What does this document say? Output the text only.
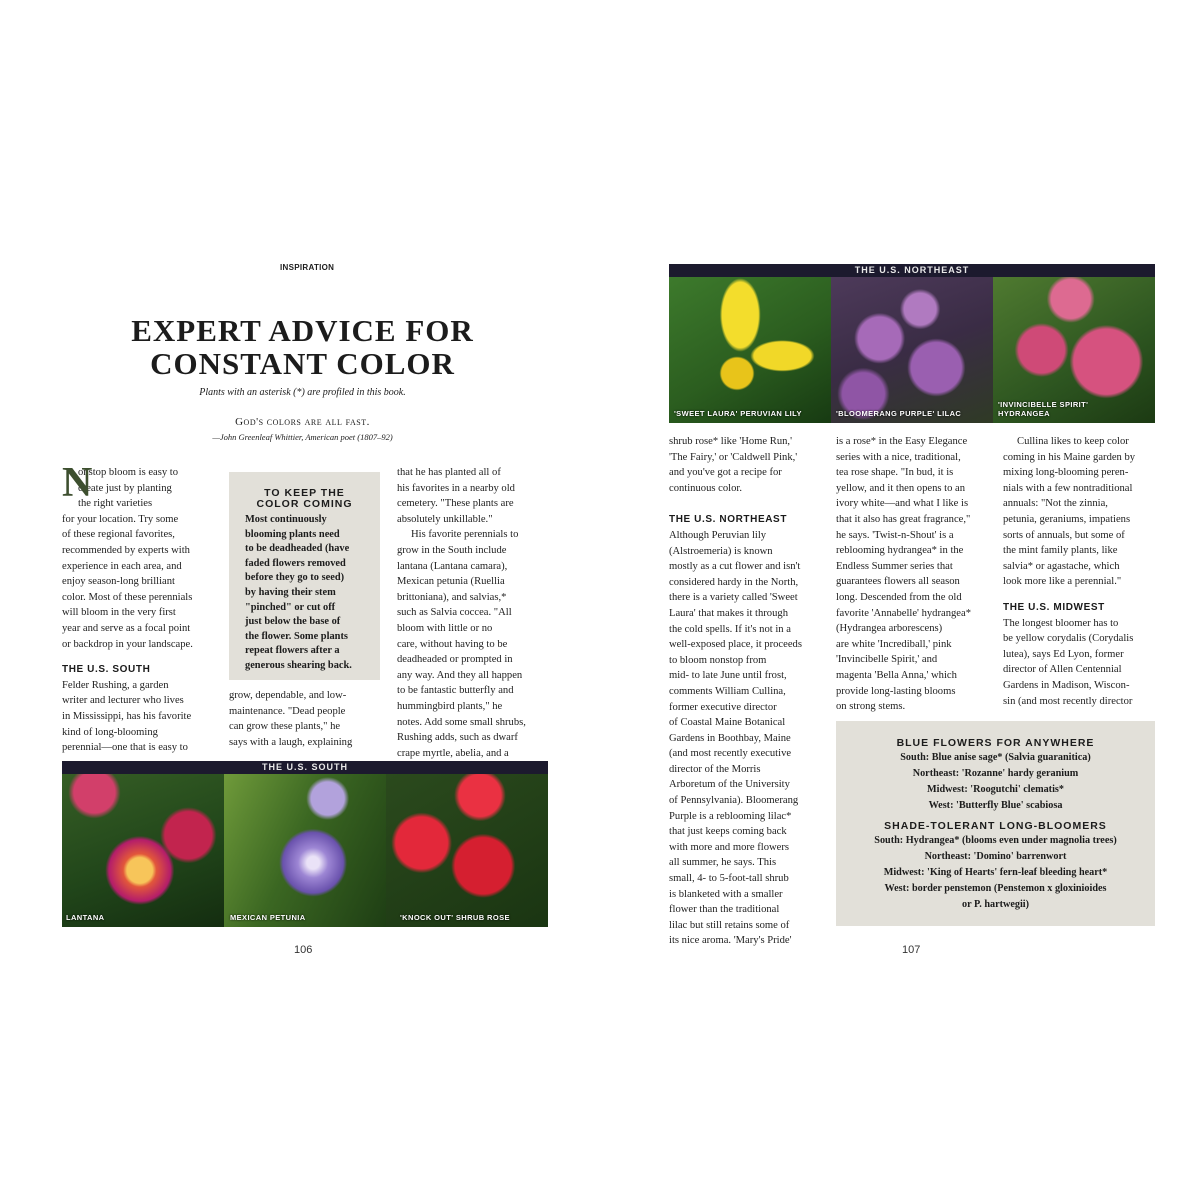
INSPIRATION
EXPERT ADVICE FOR
CONSTANT COLOR
Plants with an asterisk (*) are profiled in this book.
God's colors are all fast.
—John Greenleaf Whittier, American poet (1807–92)
N

onstop bloom is easy to

create just by planting
the right varieties
for your location. Try some
of these regional favorites,
recommended by experts with
experience in each area, and
enjoy season-long brilliant
color. Most of these perennials
will bloom in the very first
year and serve as a focal point
or backdrop in your landscape.
THE U.S. SOUTH
Felder Rushing, a garden
writer and lecturer who lives
in Mississippi, has his favorite
kind of long-blooming
perennial—one that is easy to
TO KEEP THE
COLOR COMING
Most continuously
blooming plants need
to be deadheaded (have
faded flowers removed
before they go to seed)
by having their stem
"pinched" or cut off
just below the base of
the flower. Some plants
repeat flowers after a
generous shearing back.
grow, dependable, and low-
maintenance. "Dead people
can grow these plants," he
says with a laugh, explaining
that he has planted all of
his favorites in a nearby old
cemetery. "These plants are
absolutely unkillable."
His favorite perennials to
grow in the South include
lantana (Lantana camara),
Mexican petunia (Ruellia
brittoniana), and salvias,*
such as Salvia coccea. "All
bloom with little or no
care, without having to be
deadheaded or prompted in
any way. And they all happen
to be fantastic butterfly and
hummingbird plants," he
notes. Add some small shrubs,
Rushing adds, such as dwarf
crape myrtle, abelia, and a
THE U.S. SOUTH
LANTANA	MEXICAN PETUNIA	'KNOCK OUT' SHRUB ROSE
106
THE U.S. NORTHEAST
'SWEET LAURA' PERUVIAN LILY	'BLOOMERANG PURPLE' LILAC
'INVINCIBELLE SPIRIT' HYDRANGEA
shrub rose* like 'Home Run,'
'The Fairy,' or 'Caldwell Pink,'
and you've got a recipe for
continuous color.
THE U.S. NORTHEAST
Although Peruvian lily
(Alstroemeria) is known
mostly as a cut flower and isn't
considered hardy in the North,
there is a variety called 'Sweet
Laura' that makes it through
the cold spells. If it's not in a
well-exposed place, it proceeds
to bloom nonstop from
mid- to late June until frost,
comments William Cullina,
former executive director
of Coastal Maine Botanical
Gardens in Boothbay, Maine
(and most recently executive
director of the Morris
Arboretum of the University
of Pennsylvania). Bloomerang
Purple is a reblooming lilac*
that just keeps coming back
with more and more flowers
all summer, he says. This
small, 4- to 5-foot-tall shrub
is blanketed with a smaller
flower than the traditional
lilac but still retains some of
its nice aroma. 'Mary's Pride'
is a rose* in the Easy Elegance
series with a nice, traditional,
tea rose shape. "In bud, it is
yellow, and it then opens to an
ivory white—and what I like is
that it also has great fragrance,"
he says. 'Twist-n-Shout' is a
reblooming hydrangea* in the
Endless Summer series that
guarantees flowers all season
long. Descended from the old
favorite 'Annabelle' hydrangea*
(Hydrangea arborescens)
are white 'Incrediball,' pink
'Invincibelle Spirit,' and
magenta 'Bella Anna,' which
provide long-lasting blooms
on strong stems.
Cullina likes to keep color
coming in his Maine garden by
mixing long-blooming peren-
nials with a few nontraditional
annuals: "Not the zinnia,
petunia, geraniums, impatiens
sorts of annuals, but some of
the mint family plants, like
salvia* or agastache, which
look more like a perennial."
THE U.S. MIDWEST
The longest bloomer has to
be yellow corydalis (Corydalis
lutea), says Ed Lyon, former
director of Allen Centennial
Gardens in Madison, Wiscon-
sin (and most recently director
BLUE FLOWERS FOR ANYWHERE
South: Blue anise sage* (Salvia guaranitica)
Northeast: 'Rozanne' hardy geranium
Midwest: 'Roogutchi' clematis*
West: 'Butterfly Blue' scabiosa
SHADE-TOLERANT LONG-BLOOMERS
South: Hydrangea* (blooms even under magnolia trees)
Northeast: 'Domino' barrenwort
Midwest: 'King of Hearts' fern-leaf bleeding heart*
West: border penstemon (Penstemon x gloxinioides
or P. hartwegii)
107
